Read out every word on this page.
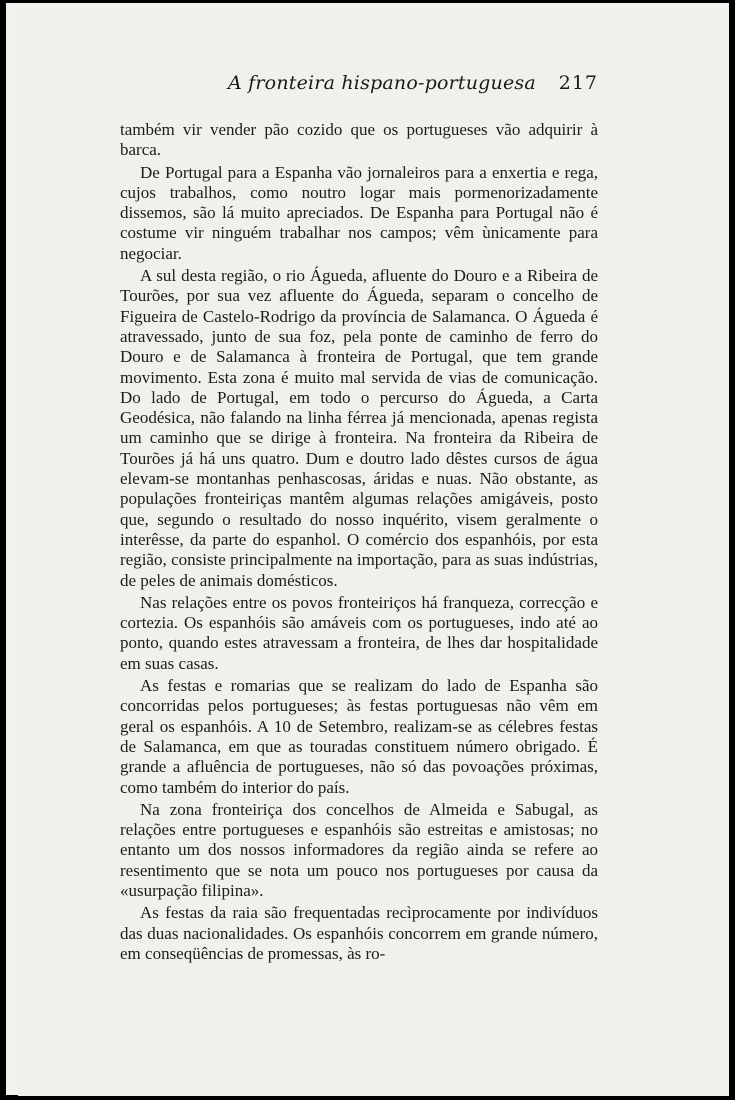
A fronteira hispano-portuguesa 217

também vir vender pão cozido que os portugueses vão adquirir à barca.

De Portugal para a Espanha vão jornaleiros para a enxertia e rega, cujos trabalhos, como noutro logar mais pormenorizadamente dissemos, são lá muito apreciados. De Espanha para Portugal não é costume vir ninguém trabalhar nos campos; vêm ùnicamente para negociar.

A sul desta região, o rio Águeda, afluente do Douro e a Ribeira de Tourões, por sua vez afluente do Águeda, separam o concelho de Figueira de Castelo-Rodrigo da província de Salamanca. O Águeda é atravessado, junto de sua foz, pela ponte de caminho de ferro do Douro e de Salamanca à fronteira de Portugal, que tem grande movimento. Esta zona é muito mal servida de vias de comunicação. Do lado de Portugal, em todo o percurso do Águeda, a Carta Geodésica, não falando na linha férrea já mencionada, apenas regista um caminho que se dirige à fronteira. Na fronteira da Ribeira de Tourões já há uns quatro. Dum e doutro lado dêstes cursos de água elevam-se montanhas penhascosas, áridas e nuas. Não obstante, as populações fronteiriças mantêm algumas relações amigáveis, posto que, segundo o resultado do nosso inquérito, visem geralmente o interêsse, da parte do espanhol. O comércio dos espanhóis, por esta região, consiste principalmente na importação, para as suas indústrias, de peles de animais domésticos.

Nas relações entre os povos fronteiriços há franqueza, correcção e cortezia. Os espanhóis são amáveis com os portugueses, indo até ao ponto, quando estes atravessam a fronteira, de lhes dar hospitalidade em suas casas.

As festas e romarias que se realizam do lado de Espanha são concorridas pelos portugueses; às festas portuguesas não vêm em geral os espanhóis. A 10 de Setembro, realizam-se as célebres festas de Salamanca, em que as touradas constituem número obrigado. É grande a afluência de portugueses, não só das povoações próximas, como também do interior do país.

Na zona fronteiriça dos concelhos de Almeida e Sabugal, as relações entre portugueses e espanhóis são estreitas e amistosas; no entanto um dos nossos informadores da região ainda se refere ao resentimento que se nota um pouco nos portugueses por causa da «usurpação filipina».

As festas da raia são frequentadas recìprocamente por indivíduos das duas nacionalidades. Os espanhóis concorrem em grande número, em conseqüências de promessas, às ro-
